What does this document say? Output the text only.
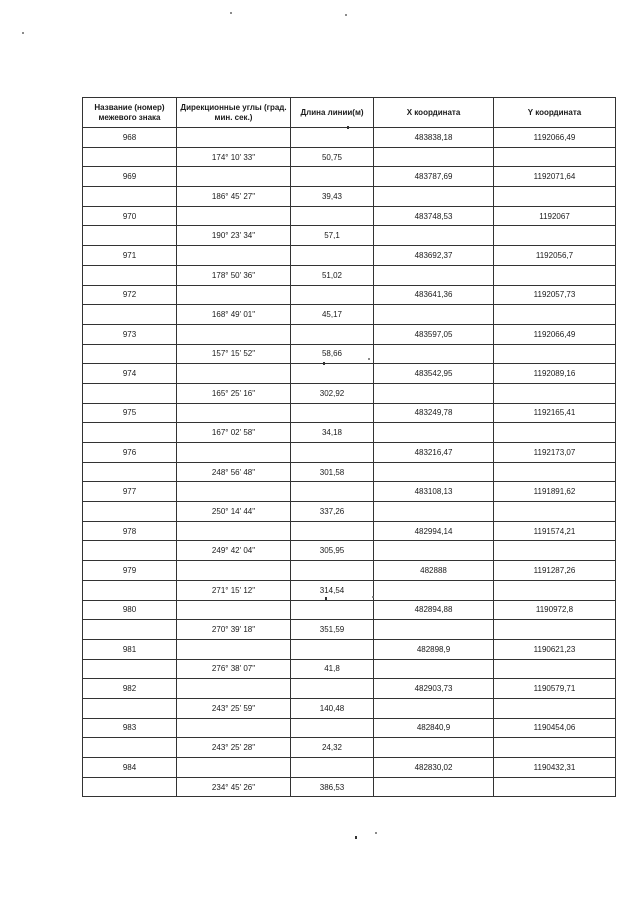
Название (номер) межевого знака	Дирекционные углы (град. мин. сек.)	Длина линии(м)	X координата	Y координата
968			483838,18	1192066,49
	174° 10' 33"	50,75		
969			483787,69	1192071,64
	186° 45' 27"	39,43		
970			483748,53	1192067
	190° 23' 34"	57,1		
971			483692,37	1192056,7
	178° 50' 36"	51,02		
972			483641,36	1192057,73
	168° 49' 01"	45,17		
973			483597,05	1192066,49
	157° 15' 52"	58,66		
974			483542,95	1192089,16
	165° 25' 16"	302,92		
975			483249,78	1192165,41
	167° 02' 58"	34,18		
976			483216,47	1192173,07
	248° 56' 48"	301,58		
977			483108,13	1191891,62
	250° 14' 44"	337,26		
978			482994,14	1191574,21
	249° 42' 04"	305,95		
979			482888	1191287,26
	271° 15' 12"	314,54		
980			482894,88	1190972,8
	270° 39' 18"	351,59		
981			482898,9	1190621,23
	276° 38' 07"	41,8		
982			482903,73	1190579,71
	243° 25' 59"	140,48		
983			482840,9	1190454,06
	243° 25' 28"	24,32		
984			482830,02	1190432,31
	234° 45' 26"	386,53		
